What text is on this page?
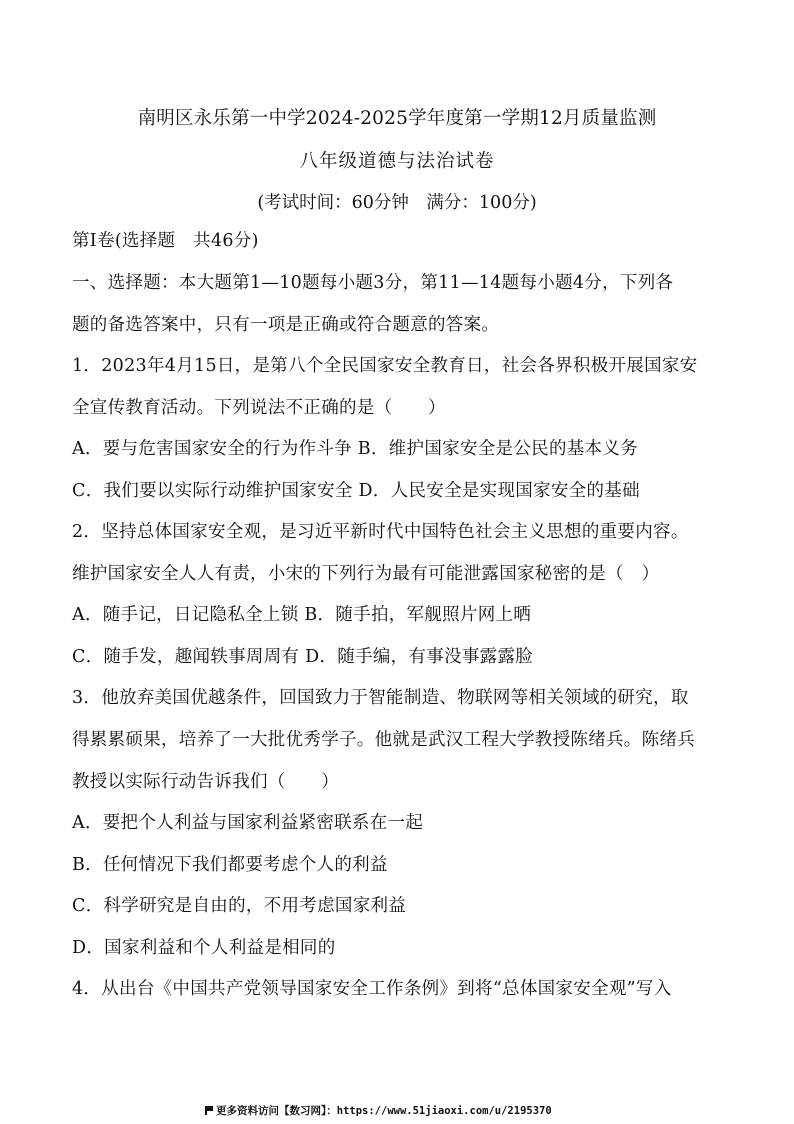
南明区永乐第一中学2024-2025学年度第一学期12月质量监测
八年级道德与法治试卷
(考试时间：60分钟　满分：100分)
第Ⅰ卷(选择题　共46分)
一、选择题：本大题第1—10题每小题3分，第11—14题每小题4分，下列各
题的备选答案中，只有一项是正确或符合题意的答案。
1．2023年4月15日，是第八个全民国家安全教育日，社会各界积极开展国家安
全宣传教育活动。下列说法不正确的是（　　）
A．要与危害国家安全的行为作斗争 B．维护国家安全是公民的基本义务
C．我们要以实际行动维护国家安全 D．人民安全是实现国家安全的基础
2．坚持总体国家安全观，是习近平新时代中国特色社会主义思想的重要内容。
维护国家安全人人有责，小宋的下列行为最有可能泄露国家秘密的是（　）
A．随手记，日记隐私全上锁 B．随手拍，军舰照片网上晒
C．随手发，趣闻轶事周周有 D．随手编，有事没事露露脸
3．他放弃美国优越条件，回国致力于智能制造、物联网等相关领域的研究，取
得累累硕果，培养了一大批优秀学子。他就是武汉工程大学教授陈绪兵。陈绪兵
教授以实际行动告诉我们（　　）
A．要把个人利益与国家利益紧密联系在一起
B．任何情况下我们都要考虑个人的利益
C．科学研究是自由的，不用考虑国家利益
D．国家利益和个人利益是相同的
4．从出台《中国共产党领导国家安全工作条例》到将“总体国家安全观”写入
更多资料访问【数习网】：https://www.51jiaoxi.com/u/2195370
